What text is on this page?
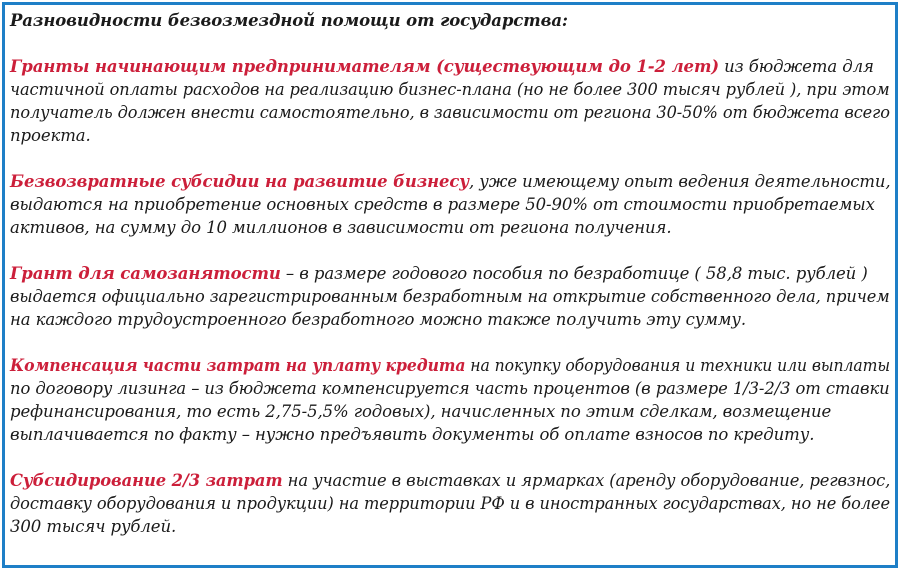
Разновидности безвозмездной помощи от государства:
Гранты начинающим предпринимателям (существующим до 1-2 лет) из бюджета для
частичной оплаты расходов на реализацию бизнес-плана (но не более 300 тысяч рублей ), при этом
получатель должен внести самостоятельно, в зависимости от региона 30-50% от бюджета всего
проекта.
Безвозвратные субсидии на развитие бизнесу, уже имеющему опыт ведения деятельности,
выдаются на приобретение основных средств в размере 50-90% от стоимости приобретаемых
активов, на сумму до 10 миллионов в зависимости от региона получения.
Грант для самозанятости – в размере годового пособия по безработице ( 58,8 тыс. рублей )
выдается официально зарегистрированным безработным на открытие собственного дела, причем
на каждого трудоустроенного безработного можно также получить эту сумму.
Компенсация части затрат на уплату кредита на покупку оборудования и техники или выплаты
по договору лизинга – из бюджета компенсируется часть процентов (в размере 1/3-2/3 от ставки
рефинансирования, то есть 2,75-5,5% годовых), начисленных по этим сделкам, возмещение
выплачивается по факту – нужно предъявить документы об оплате взносов по кредиту.
Субсидирование 2/3 затрат на участие в выставках и ярмарках (аренду оборудование, регвзнос,
доставку оборудования и продукции) на территории РФ и в иностранных государствах, но не более
300 тысяч рублей.
